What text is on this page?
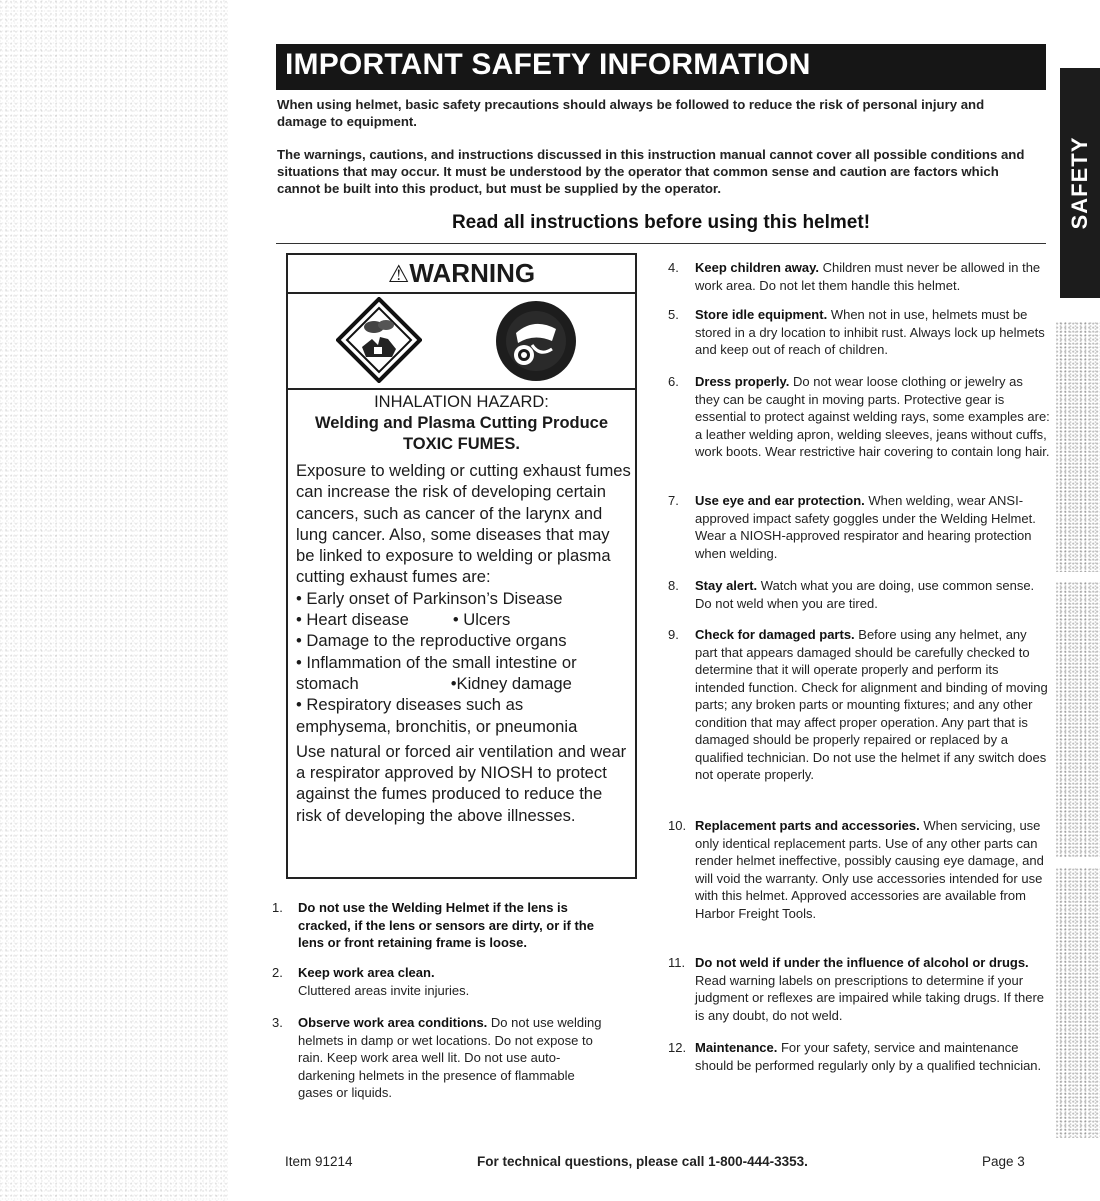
IMPORTANT SAFETY INFORMATION
SAFETY
When using helmet, basic safety precautions should always be followed to reduce the risk of personal injury and damage to equipment.
The warnings, cautions, and instructions discussed in this instruction manual cannot cover all possible conditions and situations that may occur. It must be understood by the operator that common sense and caution are factors which cannot be built into this product, but must be supplied by the operator.
Read all instructions before using this helmet!
⚠WARNING
INHALATION HAZARD:
Welding and Plasma Cutting Produce
TOXIC FUMES.

Exposure to welding or cutting exhaust fumes can increase the risk of developing certain cancers, such as cancer of the larynx and lung cancer. Also, some diseases that may be linked to exposure to welding or plasma cutting exhaust fumes are:

• Early onset of Parkinson’s Disease
• Heart disease	• Ulcers
• Damage to the reproductive organs
• Inflammation of the small intestine or
stomach	•Kidney damage
• Respiratory diseases such as
emphysema, bronchitis, or pneumonia

Use natural or forced air ventilation and wear a respirator approved by NIOSH to protect against the fumes produced to reduce the risk of developing the above illnesses.

1. Do not use the Welding Helmet if the lens is cracked, if the lens or sensors are dirty, or if the lens or front retaining frame is loose.
2. Keep work area clean.
Cluttered areas invite injuries.
3. Observe work area conditions. Do not use welding helmets in damp or wet locations. Do not expose to rain. Keep work area well lit. Do not use auto-darkening helmets in the presence of flammable gases or liquids.
4. Keep children away. Children must never be allowed in the work area. Do not let them handle this helmet.
5. Store idle equipment. When not in use, helmets must be stored in a dry location to inhibit rust. Always lock up helmets and keep out of reach of children.
6. Dress properly. Do not wear loose clothing or jewelry as they can be caught in moving parts. Protective gear is essential to protect against welding rays, some examples are: a leather welding apron, welding sleeves, jeans without cuffs, work boots. Wear restrictive hair covering to contain long hair.
7. Use eye and ear protection. When welding, wear ANSI-approved impact safety goggles under the Welding Helmet. Wear a NIOSH-approved respirator and hearing protection when welding.
8. Stay alert. Watch what you are doing, use common sense. Do not weld when you are tired.
9. Check for damaged parts. Before using any helmet, any part that appears damaged should be carefully checked to determine that it will operate properly and perform its intended function. Check for alignment and binding of moving parts; any broken parts or mounting fixtures; and any other condition that may affect proper operation. Any part that is damaged should be properly repaired or replaced by a qualified technician. Do not use the helmet if any switch does not operate properly.
10. Replacement parts and accessories. When servicing, use only identical replacement parts. Use of any other parts can render helmet ineffective, possibly causing eye damage, and will void the warranty. Only use accessories intended for use with this helmet. Approved accessories are available from Harbor Freight Tools.
11. Do not weld if under the influence of alcohol or drugs. Read warning labels on prescriptions to determine if your judgment or reflexes are impaired while taking drugs. If there is any doubt, do not weld.
12. Maintenance. For your safety, service and maintenance should be performed regularly only by a qualified technician.
Item 91214	For technical questions, please call 1-800-444-3353.	Page 3
